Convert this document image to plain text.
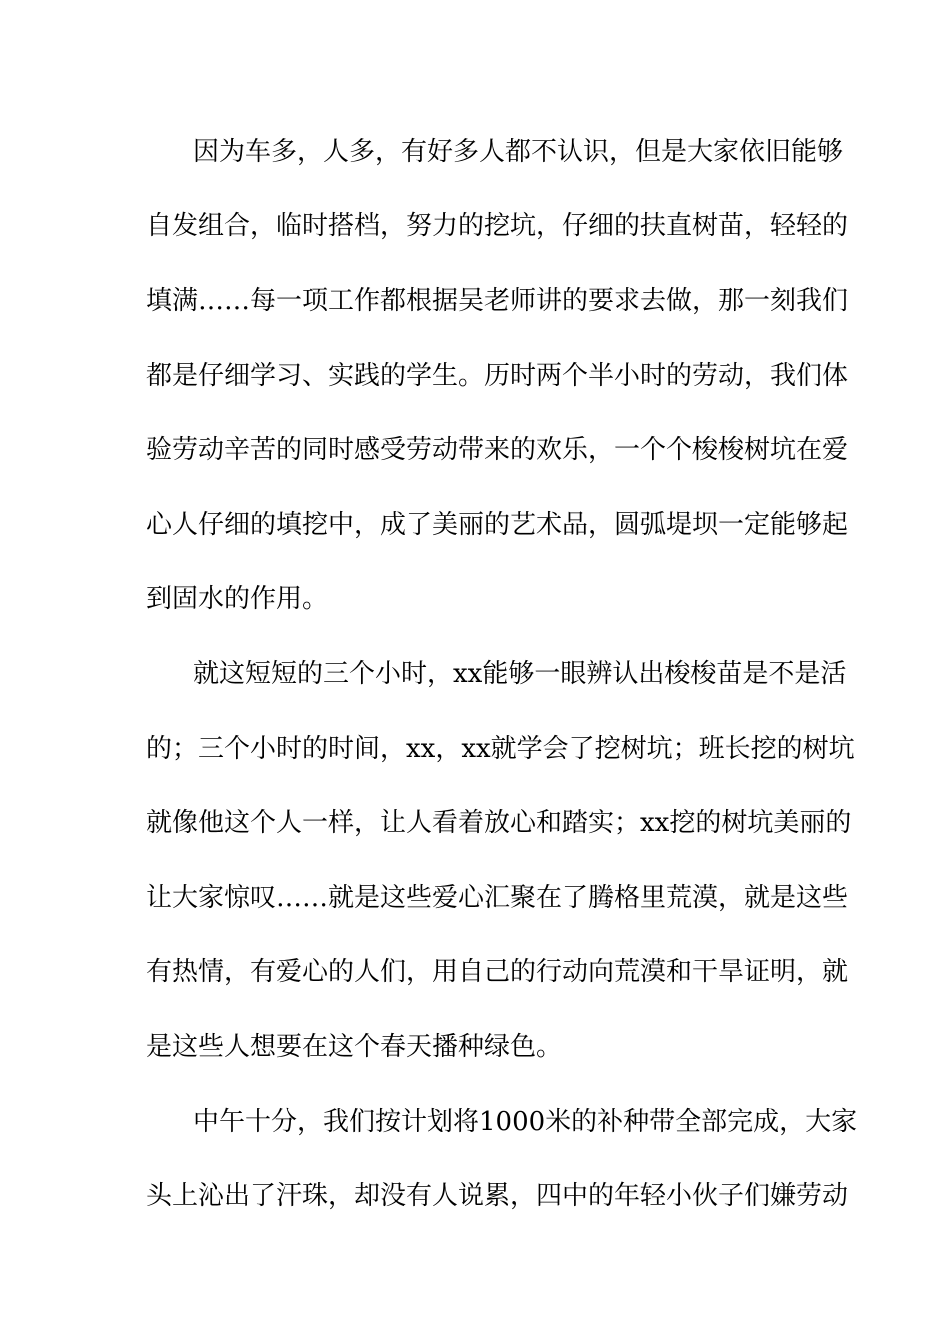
因为车多，人多，有好多人都不认识，但是大家依旧能够
自发组合，临时搭档，努力的挖坑，仔细的扶直树苗，轻轻的
填满……每一项工作都根据吴老师讲的要求去做，那一刻我们
都是仔细学习、实践的学生。历时两个半小时的劳动，我们体
验劳动辛苦的同时感受劳动带来的欢乐，一个个梭梭树坑在爱
心人仔细的填挖中，成了美丽的艺术品，圆弧堤坝一定能够起
到固水的作用。
就这短短的三个小时，xx能够一眼辨认出梭梭苗是不是活
的；三个小时的时间，xx，xx就学会了挖树坑；班长挖的树坑
就像他这个人一样，让人看着放心和踏实；xx挖的树坑美丽的
让大家惊叹……就是这些爱心汇聚在了腾格里荒漠，就是这些
有热情，有爱心的人们，用自己的行动向荒漠和干旱证明，就
是这些人想要在这个春天播种绿色。
中午十分，我们按计划将1000米的补种带全部完成，大家
头上沁出了汗珠，却没有人说累，四中的年轻小伙子们嫌劳动
